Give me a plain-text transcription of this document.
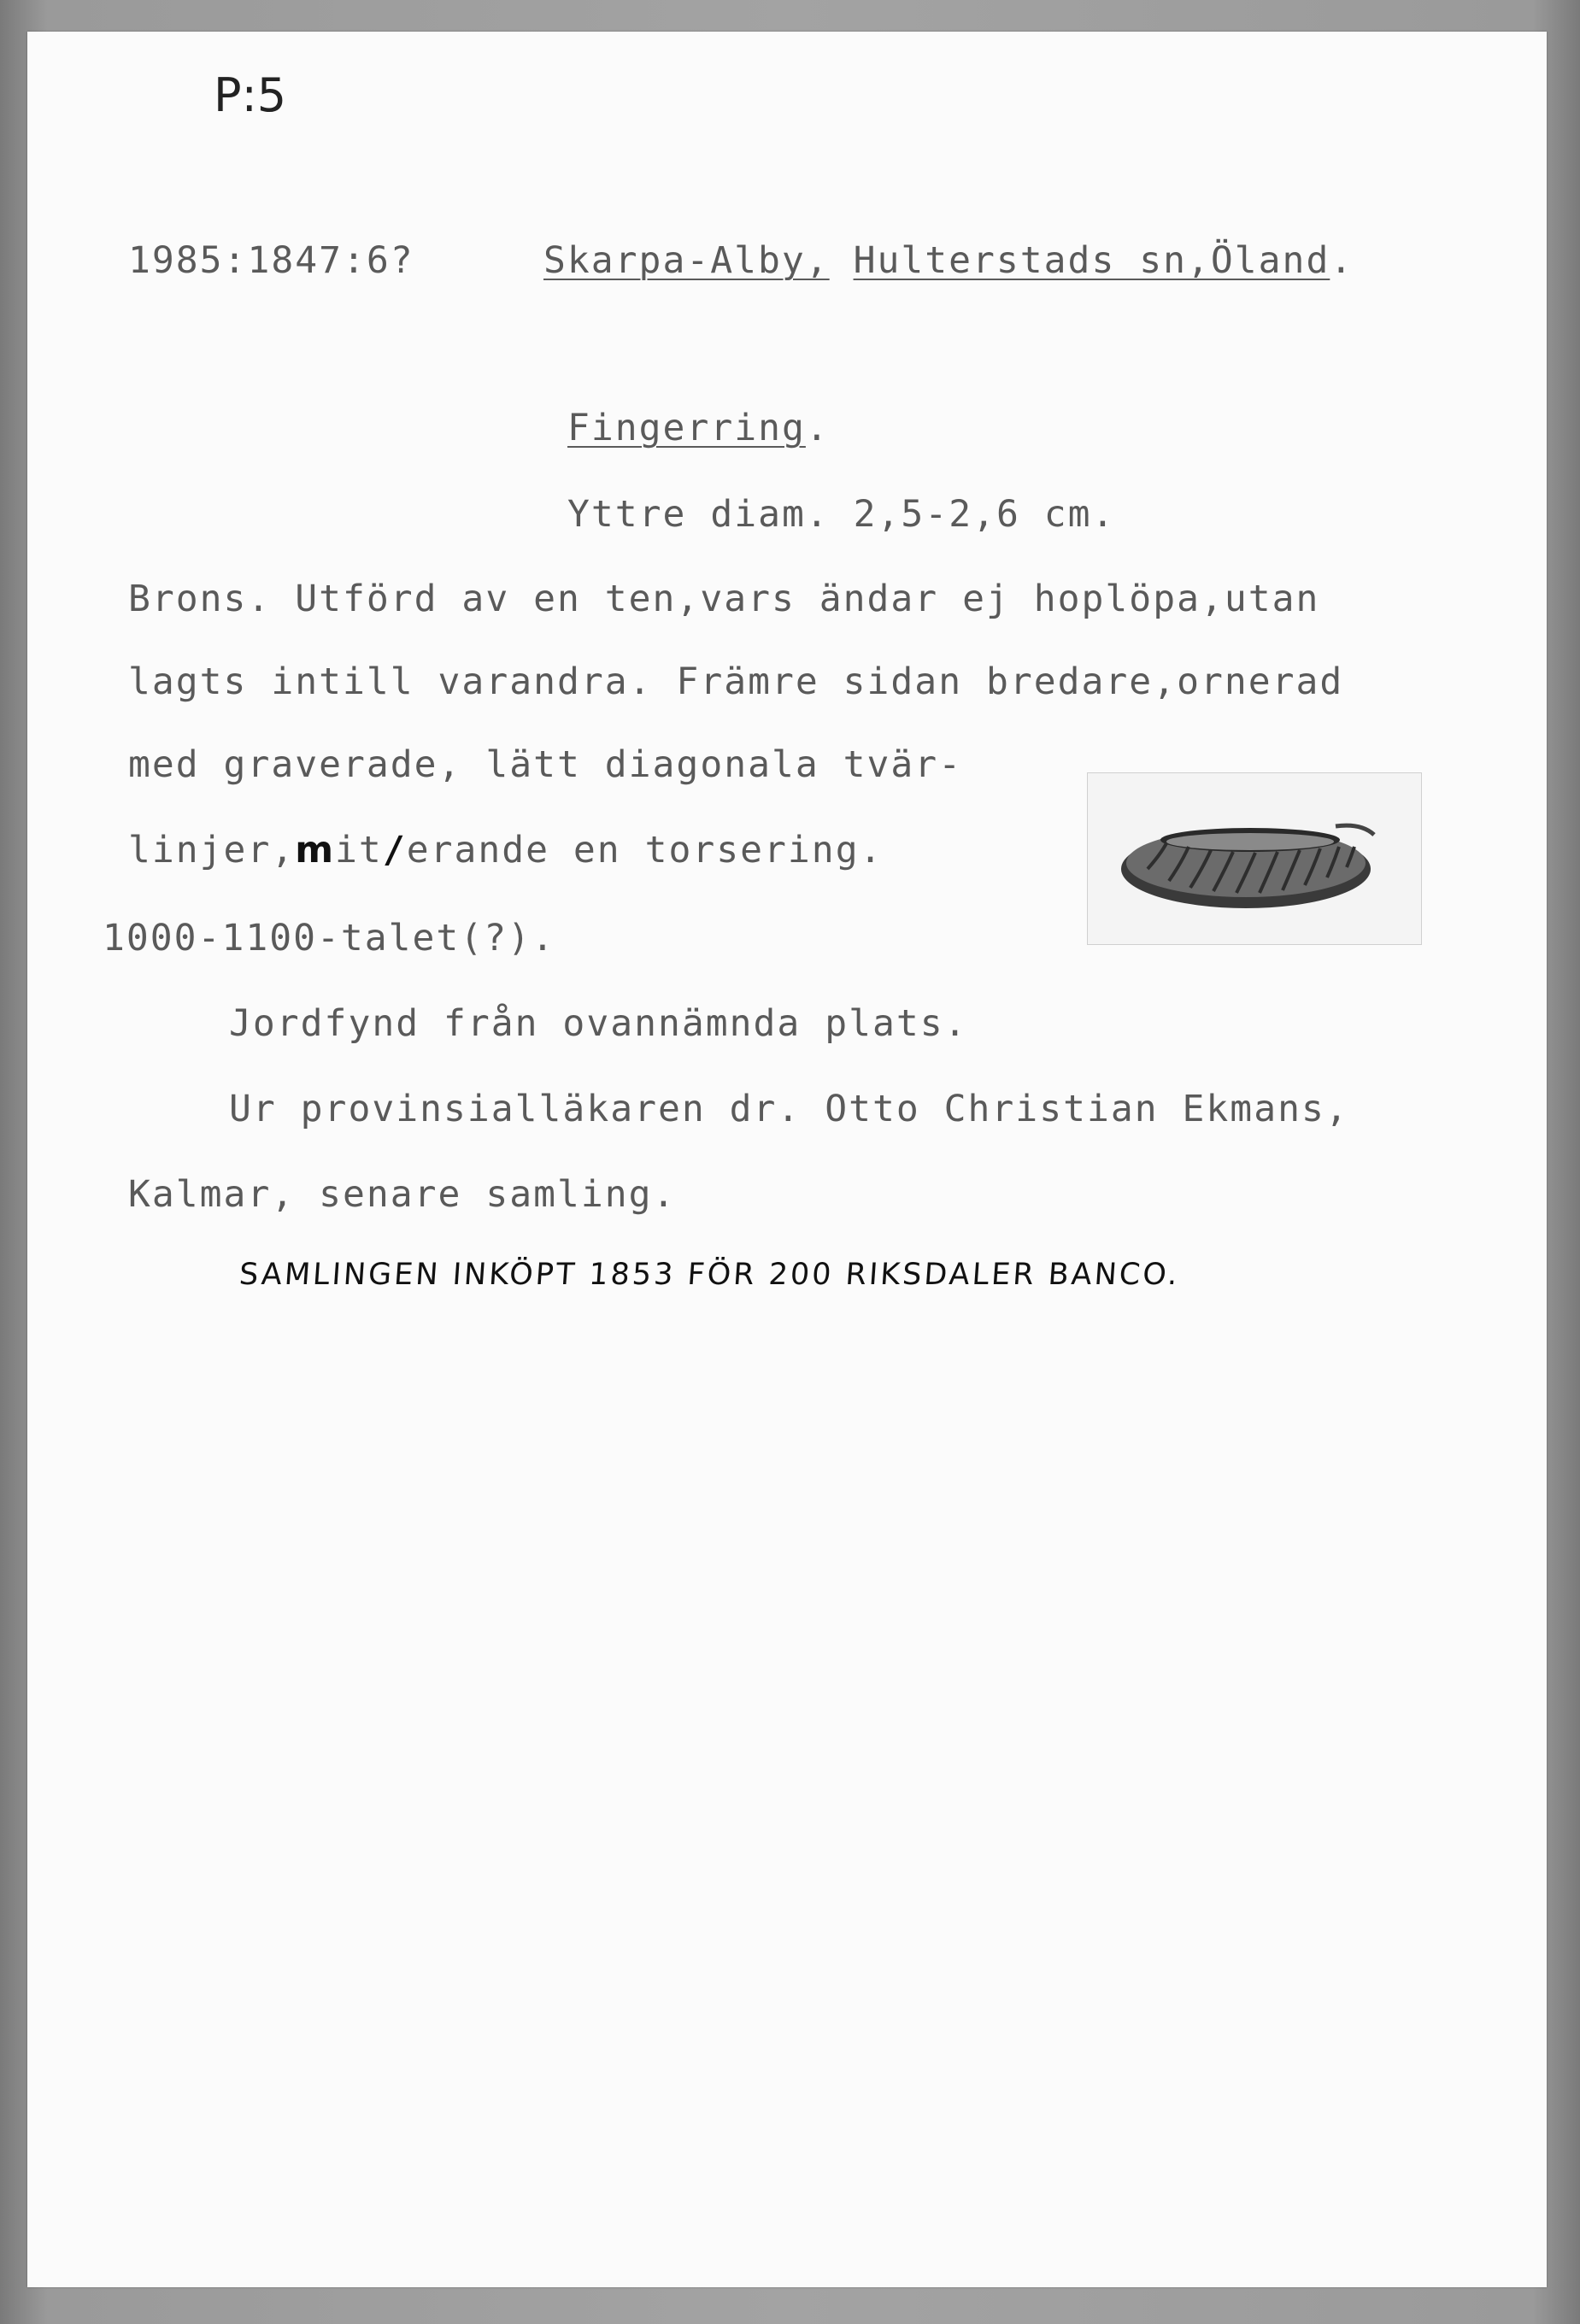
P:5
1985:1847:6?	Skarpa-Alby, Hulterstads sn,Öland.
Fingerring.
Yttre diam. 2,5-2,6 cm.
Brons. Utförd av en ten,vars ändar ej hoplöpa,utan
lagts intill varandra. Främre sidan bredare,ornerad
med graverade, lätt diagonala tvär-
linjer,mit/erande en torsering.
1000-1100-talet(?).
Jordfynd från ovannämnda plats.
Ur provinsialläkaren dr. Otto Christian Ekmans,
Kalmar, senare samling.
SAMLINGEN INKÖPT 1853 FÖR 200 RIKSDALER BANCO.
